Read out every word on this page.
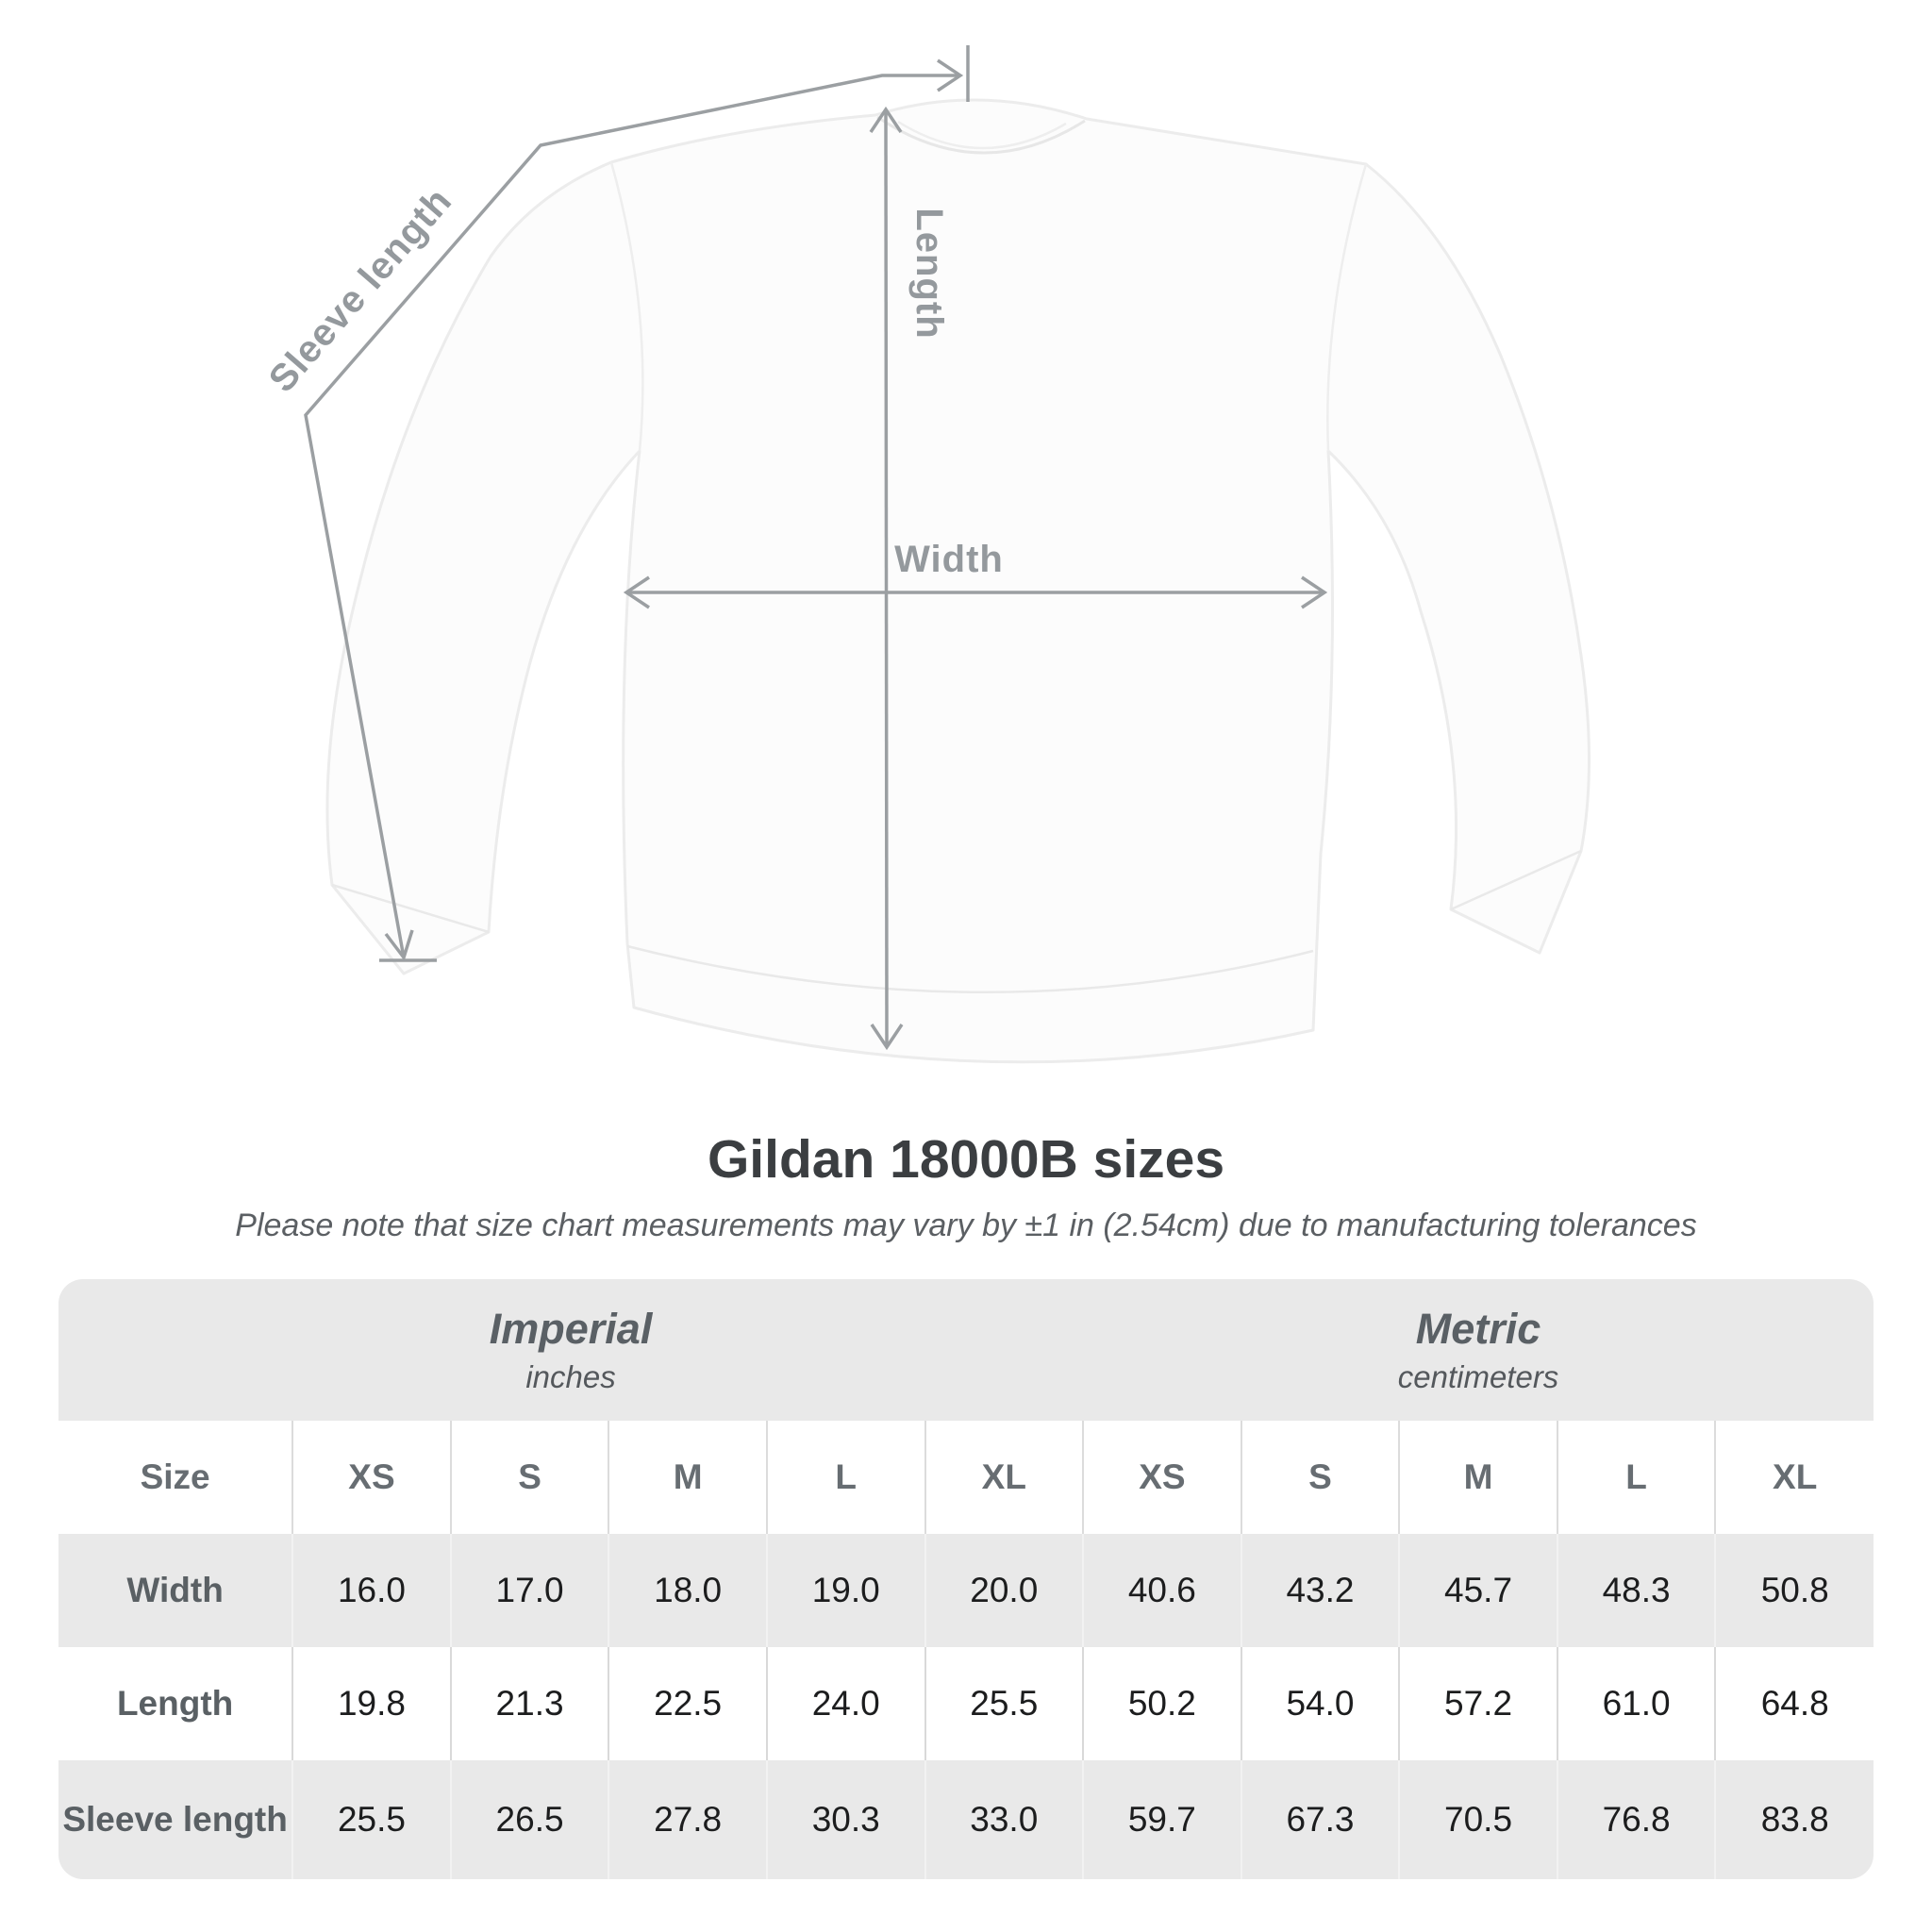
Sleeve length	Length
Width
Gildan 18000B sizes
Please note that size chart measurements may vary by ±1 in (2.54cm) due to manufacturing tolerances
Imperial
inches
Metric
centimeters
Size	XS	S	M	L	XL	XS	S	M	L	XL
Width	16.0	17.0	18.0	19.0	20.0	40.6	43.2	45.7	48.3	50.8
Length	19.8	21.3	22.5	24.0	25.5	50.2	54.0	57.2	61.0	64.8
Sleeve length	25.5	26.5	27.8	30.3	33.0	59.7	67.3	70.5	76.8	83.8
